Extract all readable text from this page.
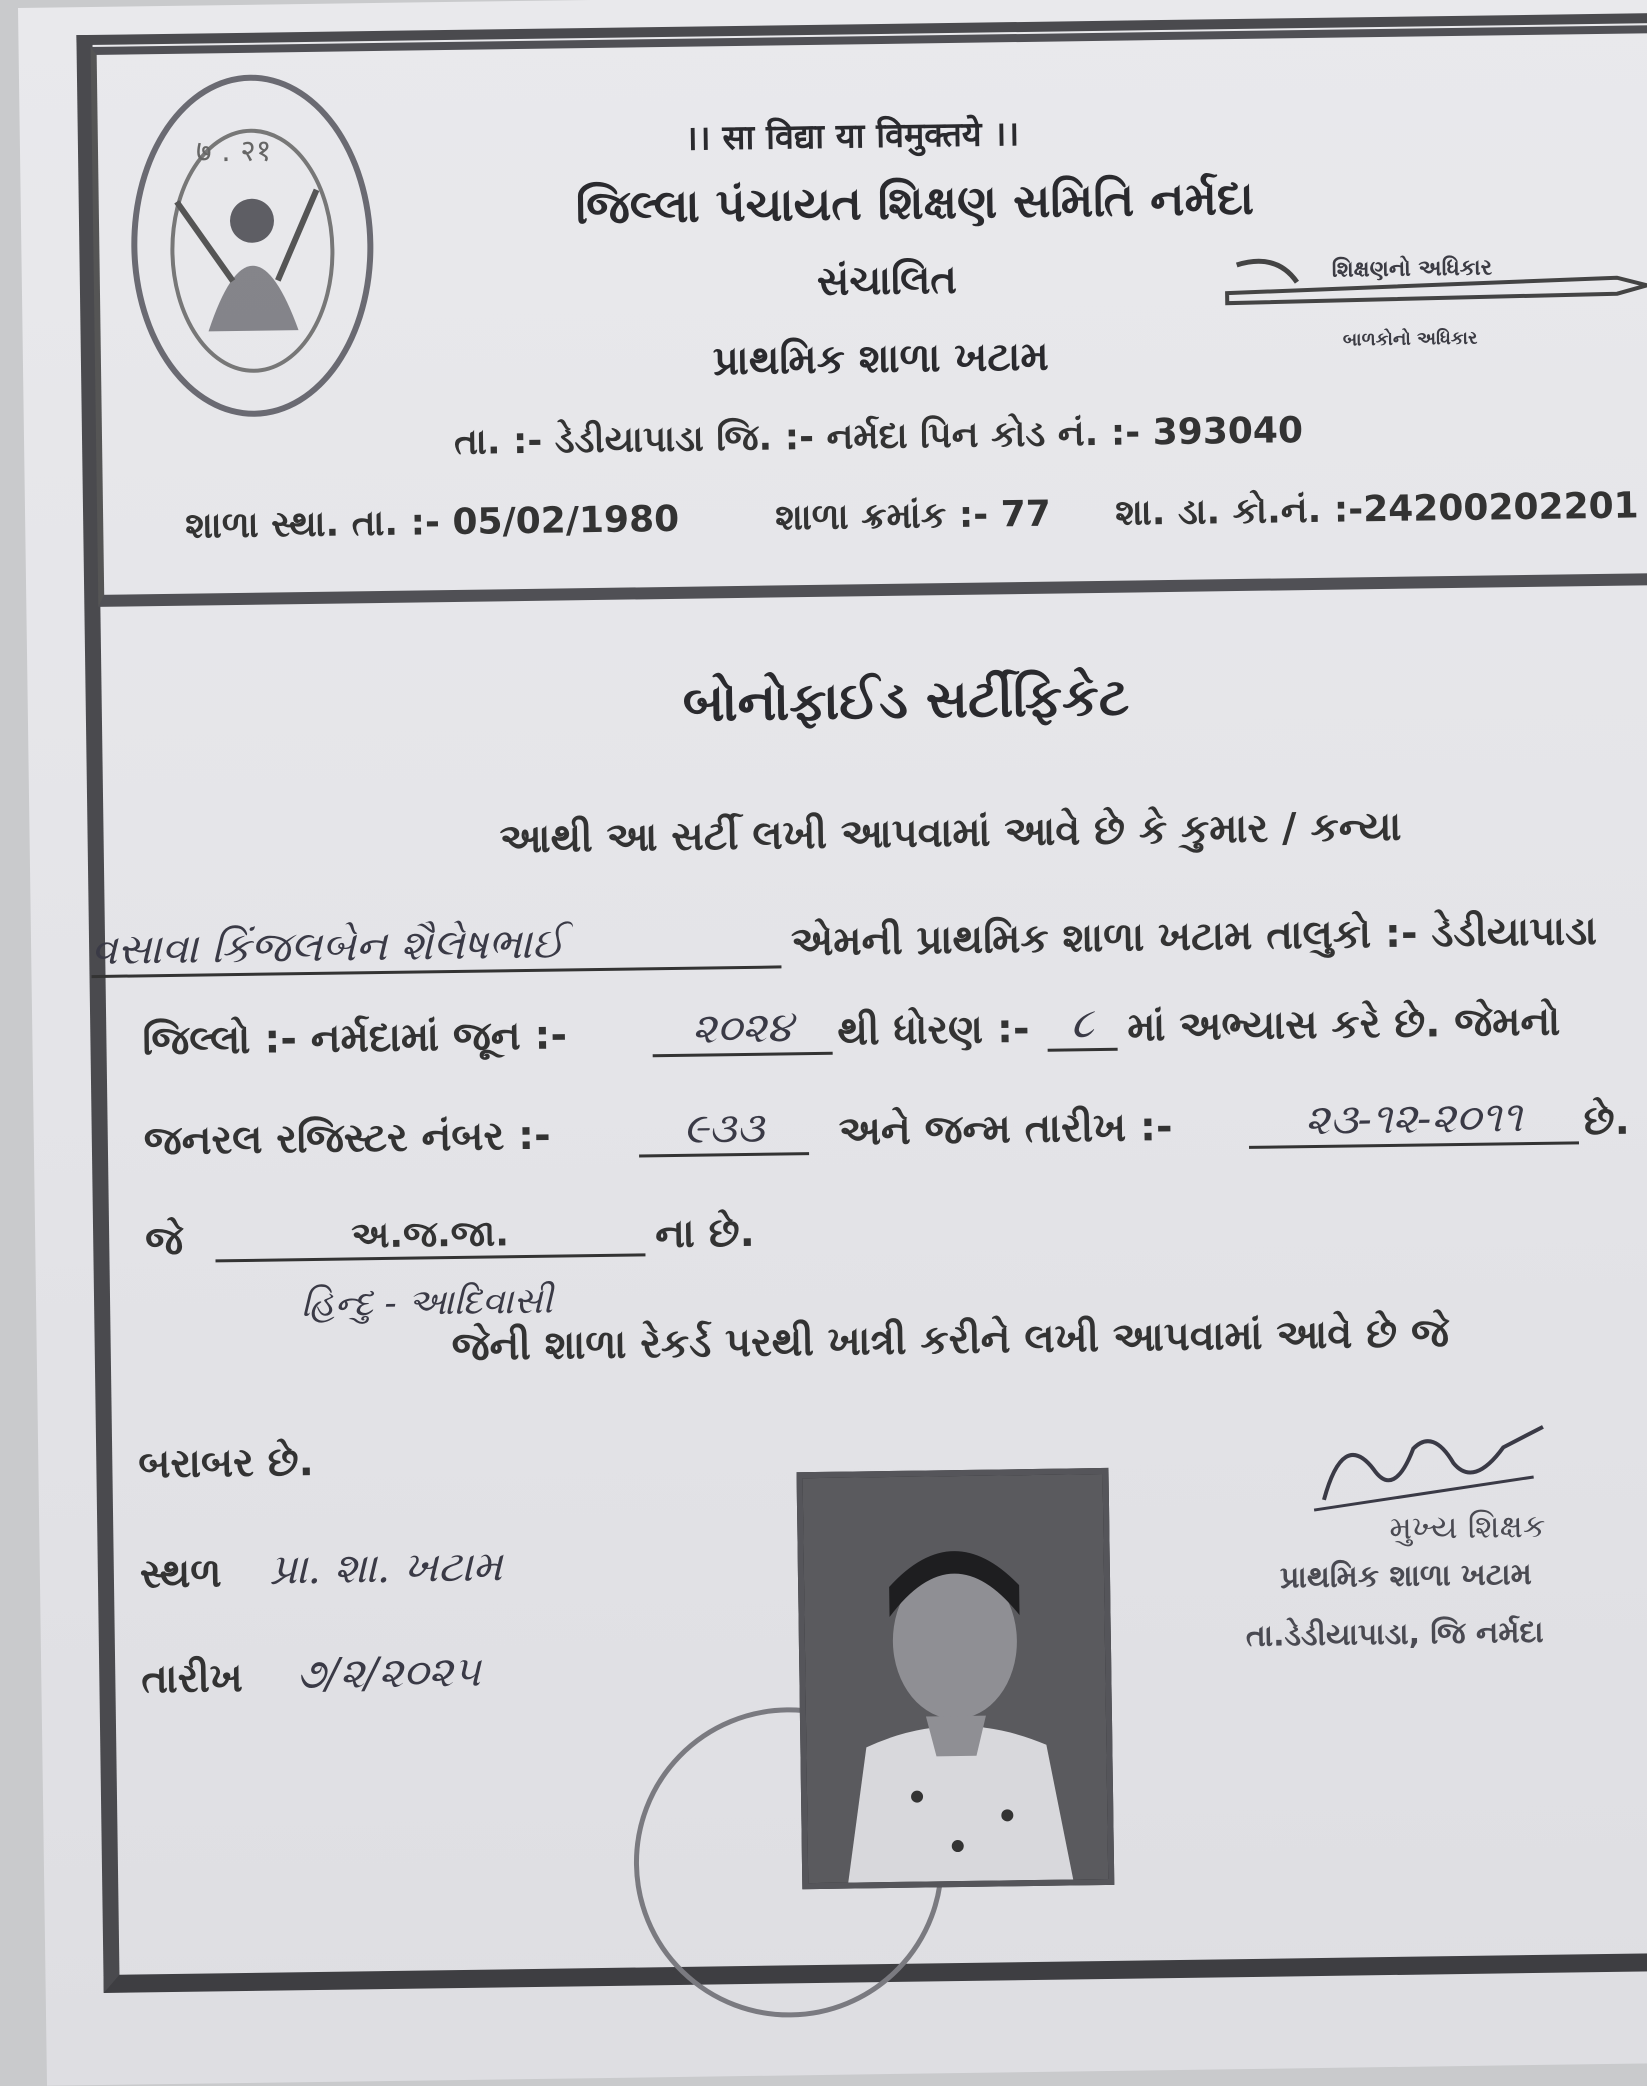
७ . २१	।। सा विद्या या विमुक्तये ।।
જિલ્લા પંચાયત શિક્ષણ સમિતિ નર્મદા
સંચાલિત
પ્રાથમિક શાળા ખટામ
શિક્ષણનો અધિકાર
બાળકોનો અધિકાર
તા. :- ડેડીયાપાડા જિ. :- નર્મદા પિન કોડ નં. :- 393040
શાળા સ્થા. તા. :- 05/02/1980	શાળા ક્રમાંક :- 77 શા. ડા. કો.નં. :-24200202201
બોનોફાઈડ સર્ટીફિકેટ
આથી આ સર્ટી લખી આપવામાં આવે છે કે કુમાર / કન્યા
વસાવા કિંજલબેન શૈલેષભાઈ	એમની પ્રાથમિક શાળા ખટામ તાલુકો :- ડેડીયાપાડા
જિલ્લો :- નર્મદામાં જૂન :-	૨૦૨૪	થી ધોરણ :- ૮ માં અભ્યાસ કરે છે. જેમનો
જનરલ રજિસ્ટર નંબર :-	૯૩૩	અને જન્મ તારીખ :-	૨૩-૧૨-૨૦૧૧	છે.
જે	અ.જ.જા.	ના છે.
હિન્દુ - આદિવાસી
જેની શાળા રેકર્ડ પરથી ખાત્રી કરીને લખી આપવામાં આવે છે જે
બરાબર છે.
સ્થળ પ્રા. શા. ખટામ
તારીખ ૭/૨/૨૦૨૫
મુખ્ય શિક્ષક
પ્રાથમિક શાળા ખટામ
તા.ડેડીયાપાડા, જિ નર્મદા
